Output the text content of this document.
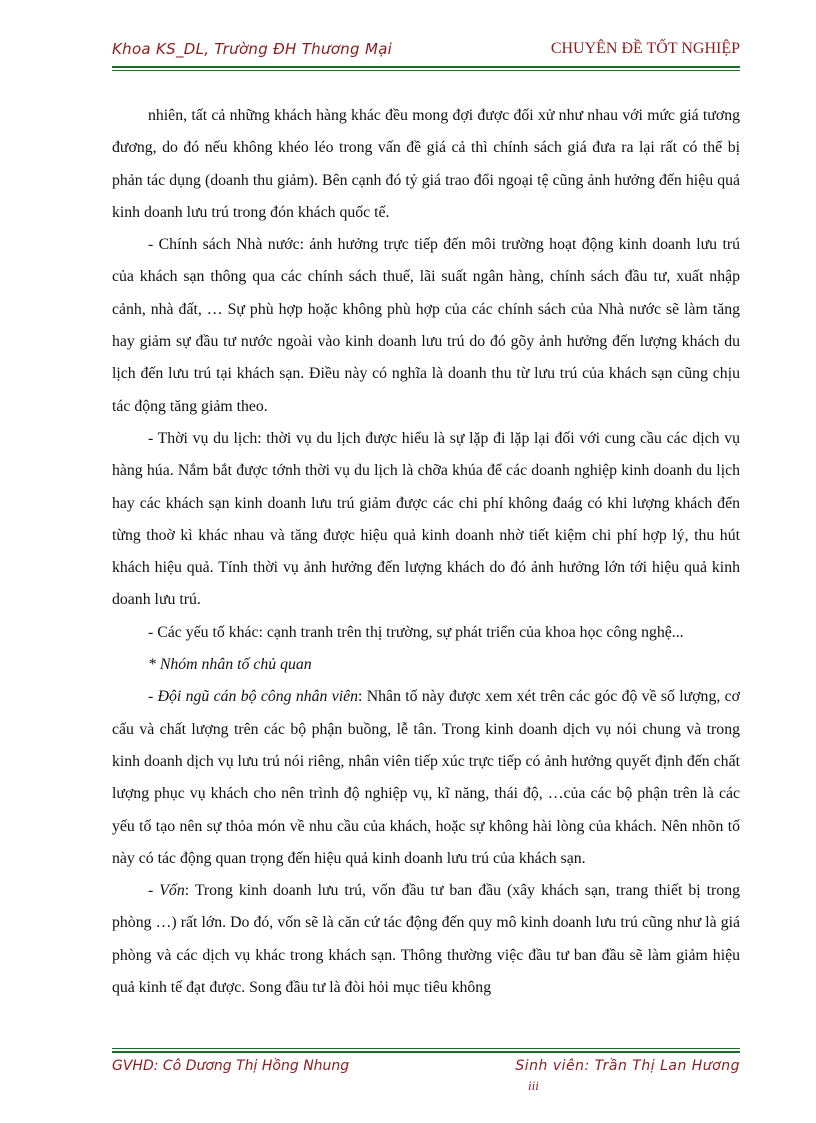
Khoa KS_DL, Trường ĐH Thương Mại	CHUYÊN ĐỀ TỐT NGHIỆP

nhiên, tất cả những khách hàng khác đều mong đợi được đối xử như nhau với mức giá tương đương, do đó nếu không khéo léo trong vấn đề giá cả thì chính sách giá đưa ra lại rất có thể bị phản tác dụng (doanh thu giảm). Bên cạnh đó tỷ giá trao đổi ngoại tệ cũng ảnh hưởng đến hiệu quả kinh doanh lưu trú trong đón khách quốc tế.

- Chính sách Nhà nước: ảnh hưởng trực tiếp đến môi trường hoạt động kinh doanh lưu trú của khách sạn thông qua các chính sách thuế, lãi suất ngân hàng, chính sách đầu tư, xuất nhập cảnh, nhà đất, … Sự phù hợp hoặc không phù hợp của các chính sách của Nhà nước sẽ làm tăng hay giảm sự đầu tư nước ngoài vào kinh doanh lưu trú do đó gõy ảnh hưởng đến lượng khách du lịch đến lưu trú tại khách sạn. Điều này có nghĩa là doanh thu từ lưu trú của khách sạn cũng chịu tác động tăng giảm theo.

- Thời vụ du lịch: thời vụ du lịch được hiểu là sự lặp đi lặp lại đối với cung cầu các dịch vụ hàng húa. Nắm bắt được tớnh thời vụ du lịch là chỡa khúa để các doanh nghiệp kinh doanh du lịch hay các khách sạn kinh doanh lưu trú giảm được các chi phí không đaág có khi lượng khách đến từng thoờ kì khác nhau và tăng được hiệu quả kinh doanh nhờ tiết kiệm chi phí hợp lý, thu hút khách hiệu quả. Tính thời vụ ảnh hưởng đến lượng khách do đó ảnh hưởng lớn tới hiệu quả kinh doanh lưu trú.

- Các yếu tố khác: cạnh tranh trên thị trường, sự phát triển của khoa học công nghệ...

* Nhóm nhân tố chủ quan

- Đội ngũ cán bộ công nhân viên: Nhân tố này được xem xét trên các góc độ về số lượng, cơ cấu và chất lượng trên các bộ phận buồng, lễ tân. Trong kinh doanh dịch vụ nói chung và trong kinh doanh dịch vụ lưu trú nói riêng, nhân viên tiếp xúc trực tiếp có ảnh hưởng quyết định đến chất lượng phục vụ khách cho nên trình độ nghiệp vụ, kĩ năng, thái độ, …của các bộ phận trên là các yếu tố tạo nên sự thỏa món về nhu cầu của khách, hoặc sự không hài lòng của khách. Nên nhõn tố này có tác động quan trọng đến hiệu quả kinh doanh lưu trú của khách sạn.

- Vốn: Trong kinh doanh lưu trú, vốn đầu tư ban đầu (xây khách sạn, trang thiết bị trong phòng …) rất lớn. Do đó, vốn sẽ là căn cứ tác động đến quy mô kinh doanh lưu trú cũng như là giá phòng và các dịch vụ khác trong khách sạn. Thông thường việc đầu tư ban đầu sẽ làm giảm hiệu quả kinh tế đạt được. Song đầu tư là đòi hỏi mục tiêu không

GVHD: Cô Dương Thị Hồng Nhung	Sinh viên: Trần Thị Lan Hương
iii
